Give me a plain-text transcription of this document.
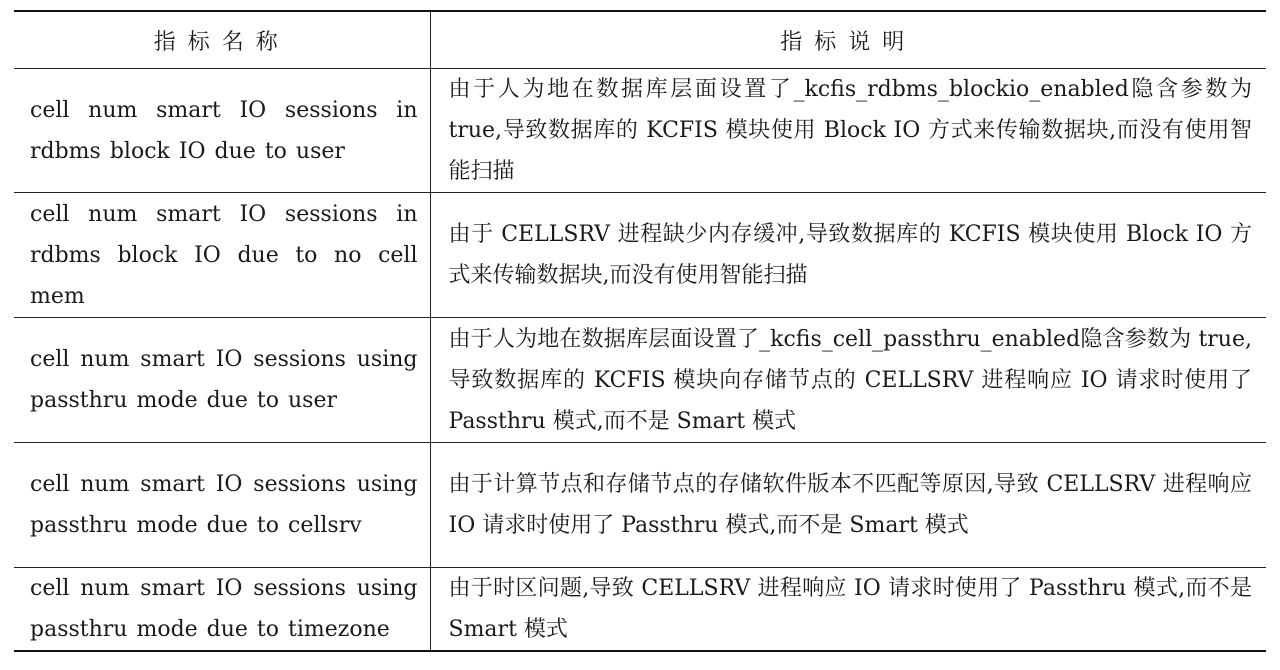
指标名称	指标说明
cell num smart IO sessions in rdbms block IO due to user	由于人为地在数据库层面设置了_kcfis_rdbms_blockio_enabled隐含参数为 true,导致数据库的 KCFIS 模块使用 Block IO 方式来传输数据块,而没有使用智能扫描
cell num smart IO sessions in rdbms block IO due to no cell mem	由于 CELLSRV 进程缺少内存缓冲,导致数据库的 KCFIS 模块使用 Block IO 方式来传输数据块,而没有使用智能扫描
cell num smart IO sessions using passthru mode due to user	由于人为地在数据库层面设置了_kcfis_cell_passthru_enabled隐含参数为 true,导致数据库的 KCFIS 模块向存储节点的 CELLSRV 进程响应 IO 请求时使用了 Passthru 模式,而不是 Smart 模式
cell num smart IO sessions using passthru mode due to cellsrv	由于计算节点和存储节点的存储软件版本不匹配等原因,导致 CELLSRV 进程响应 IO 请求时使用了 Passthru 模式,而不是 Smart 模式
cell num smart IO sessions using passthru mode due to timezone	由于时区问题,导致 CELLSRV 进程响应 IO 请求时使用了 Passthru 模式,而不是 Smart 模式
